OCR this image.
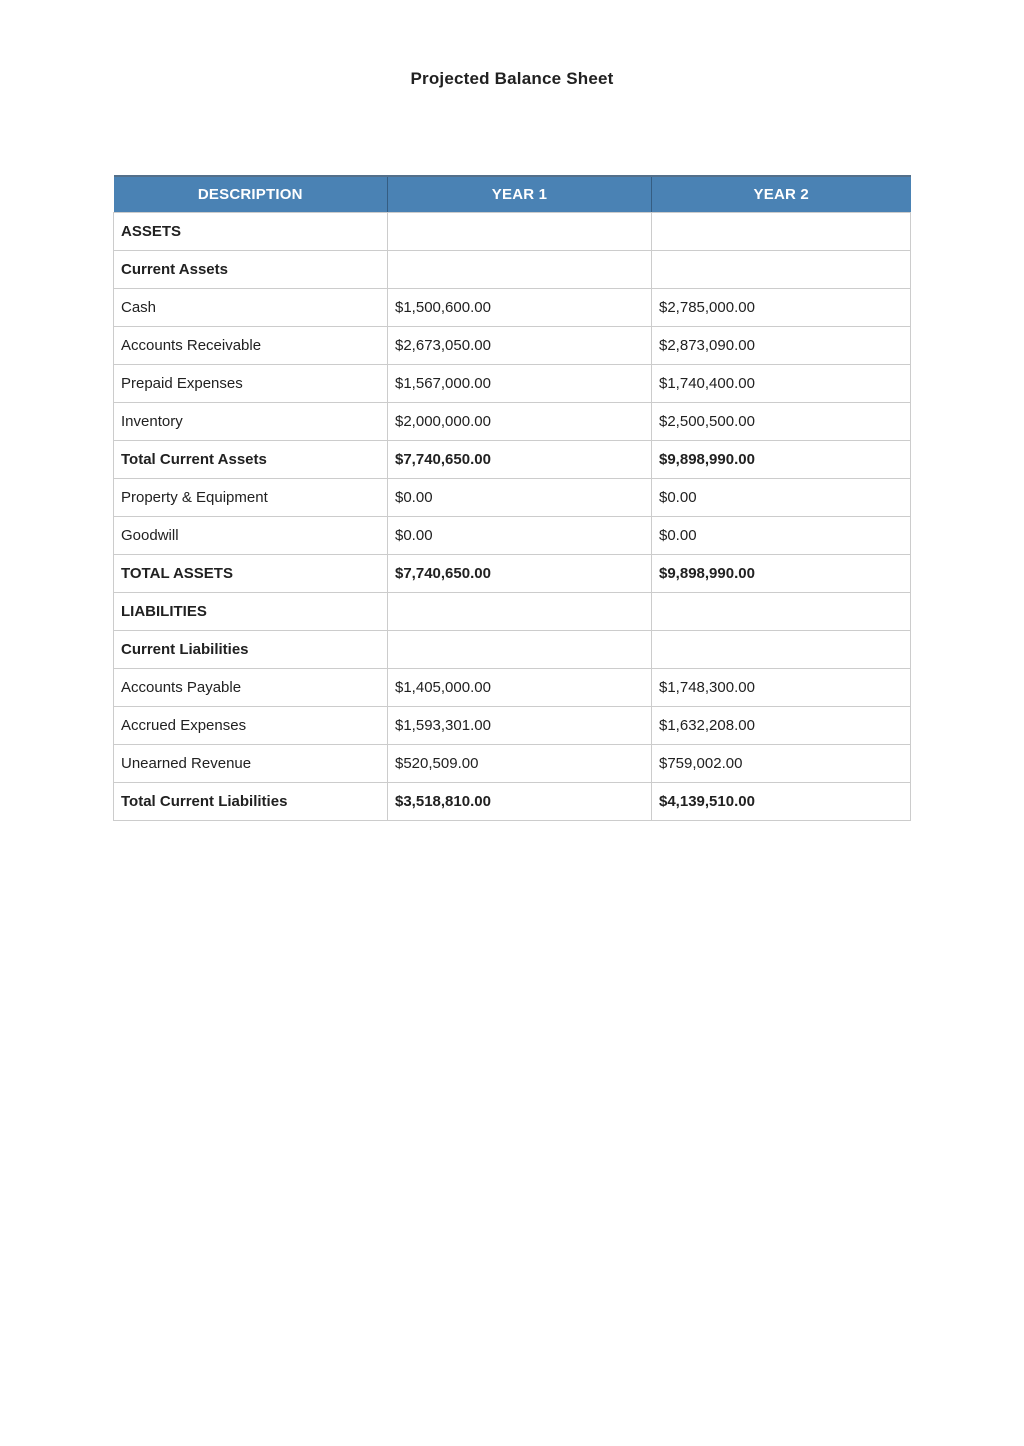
Projected Balance Sheet
DESCRIPTION	YEAR 1	YEAR 2
ASSETS		
Current Assets		
Cash	$1,500,600.00	$2,785,000.00
Accounts Receivable	$2,673,050.00	$2,873,090.00
Prepaid Expenses	$1,567,000.00	$1,740,400.00
Inventory	$2,000,000.00	$2,500,500.00
Total Current Assets	$7,740,650.00	$9,898,990.00
Property & Equipment	$0.00	$0.00
Goodwill	$0.00	$0.00
TOTAL ASSETS	$7,740,650.00	$9,898,990.00
LIABILITIES		
Current Liabilities		
Accounts Payable	$1,405,000.00	$1,748,300.00
Accrued Expenses	$1,593,301.00	$1,632,208.00
Unearned Revenue	$520,509.00	$759,002.00
Total Current Liabilities	$3,518,810.00	$4,139,510.00
